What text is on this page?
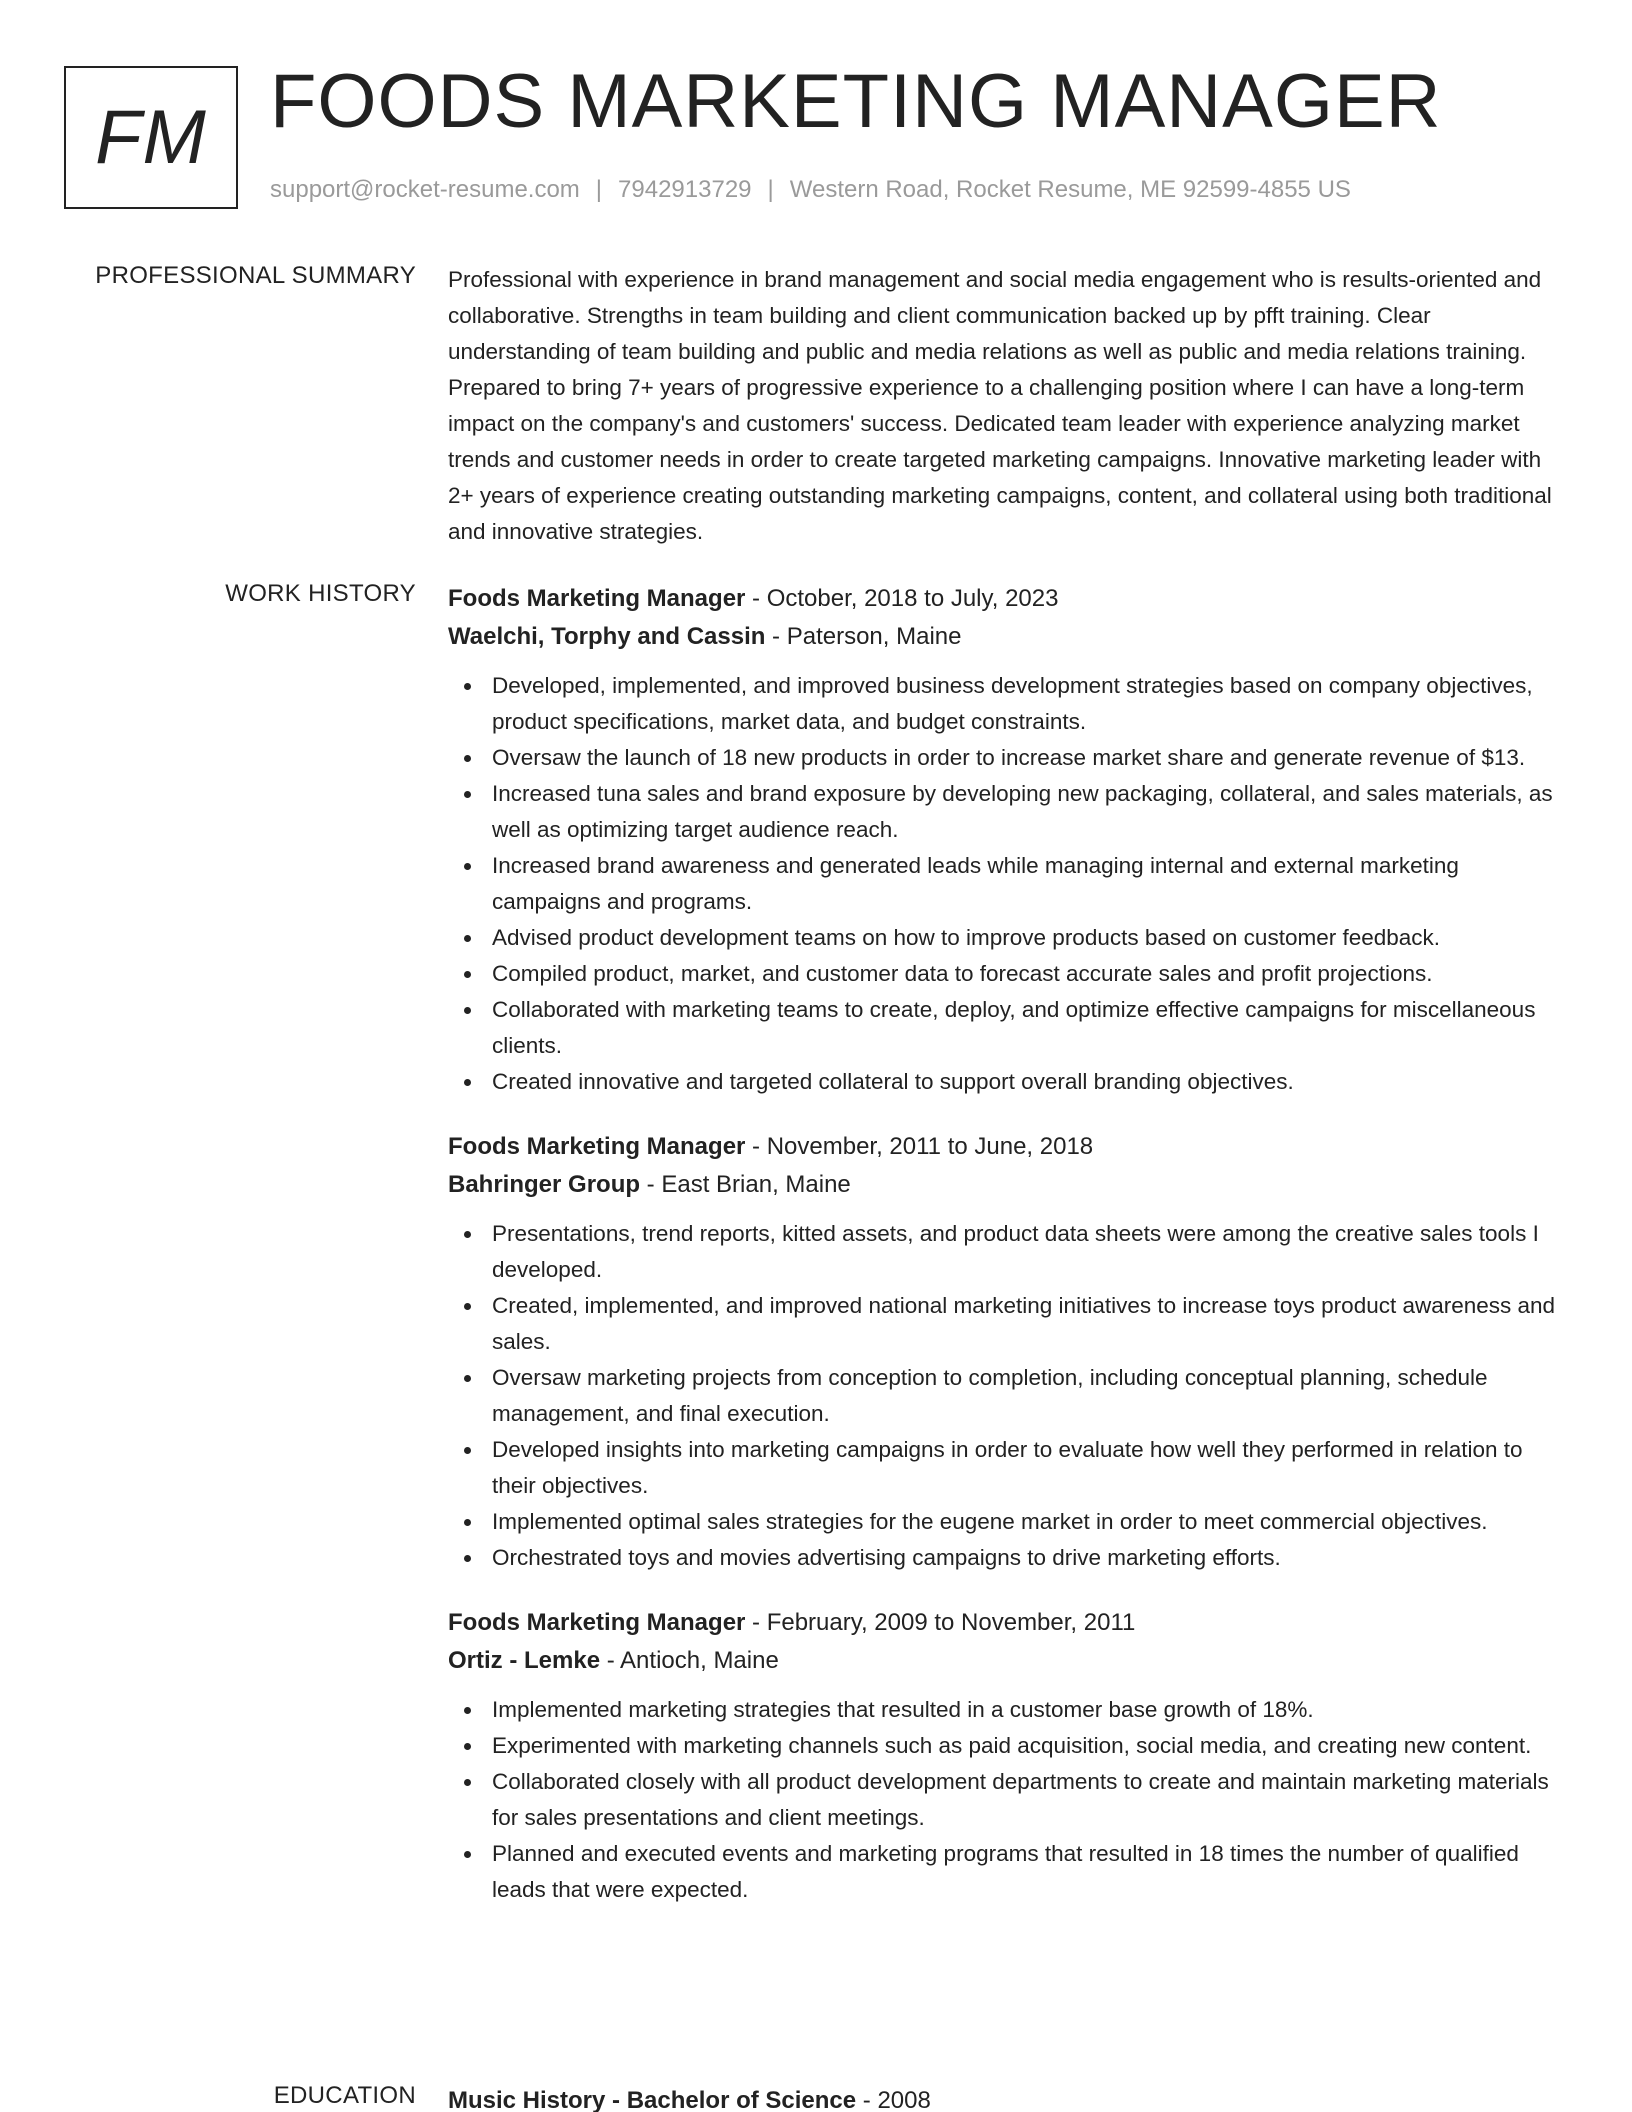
FM FOODS MARKETING MANAGER
support@rocket-resume.com | 7942913729 | Western Road, Rocket Resume, ME 92599-4855 US
PROFESSIONAL SUMMARY Professional with experience in brand management and social media engagement who is results-oriented and collaborative. Strengths in team building and client communication backed up by pfft training. Clear understanding of team building and public and media relations as well as public and media relations training. Prepared to bring 7+ years of progressive experience to a challenging position where I can have a long-term impact on the company's and customers' success. Dedicated team leader with experience analyzing market trends and customer needs in order to create targeted marketing campaigns. Innovative marketing leader with 2+ years of experience creating outstanding marketing campaigns, content, and collateral using both traditional and innovative strategies.

WORK HISTORY Foods Marketing Manager - October, 2018 to July, 2023
Waelchi, Torphy and Cassin - Paterson, Maine
Developed, implemented, and improved business development strategies based on company objectives, product specifications, market data, and budget constraints.
Oversaw the launch of 18 new products in order to increase market share and generate revenue of $13.
Increased tuna sales and brand exposure by developing new packaging, collateral, and sales materials, as well as optimizing target audience reach.
Increased brand awareness and generated leads while managing internal and external marketing campaigns and programs.
Advised product development teams on how to improve products based on customer feedback.
Compiled product, market, and customer data to forecast accurate sales and profit projections.
Collaborated with marketing teams to create, deploy, and optimize effective campaigns for miscellaneous clients.
Created innovative and targeted collateral to support overall branding objectives.
Foods Marketing Manager - November, 2011 to June, 2018
Bahringer Group - East Brian, Maine
Presentations, trend reports, kitted assets, and product data sheets were among the creative sales tools I developed.
Created, implemented, and improved national marketing initiatives to increase toys product awareness and sales.
Oversaw marketing projects from conception to completion, including conceptual planning, schedule management, and final execution.
Developed insights into marketing campaigns in order to evaluate how well they performed in relation to their objectives.
Implemented optimal sales strategies for the eugene market in order to meet commercial objectives.
Orchestrated toys and movies advertising campaigns to drive marketing efforts.
Foods Marketing Manager - February, 2009 to November, 2011
Ortiz - Lemke - Antioch, Maine
Implemented marketing strategies that resulted in a customer base growth of 18%.
Experimented with marketing channels such as paid acquisition, social media, and creating new content.
Collaborated closely with all product development departments to create and maintain marketing materials for sales presentations and client meetings.
Planned and executed events and marketing programs that resulted in 18 times the number of qualified leads that were expected.
EDUCATION Music History - Bachelor of Science - 2008
